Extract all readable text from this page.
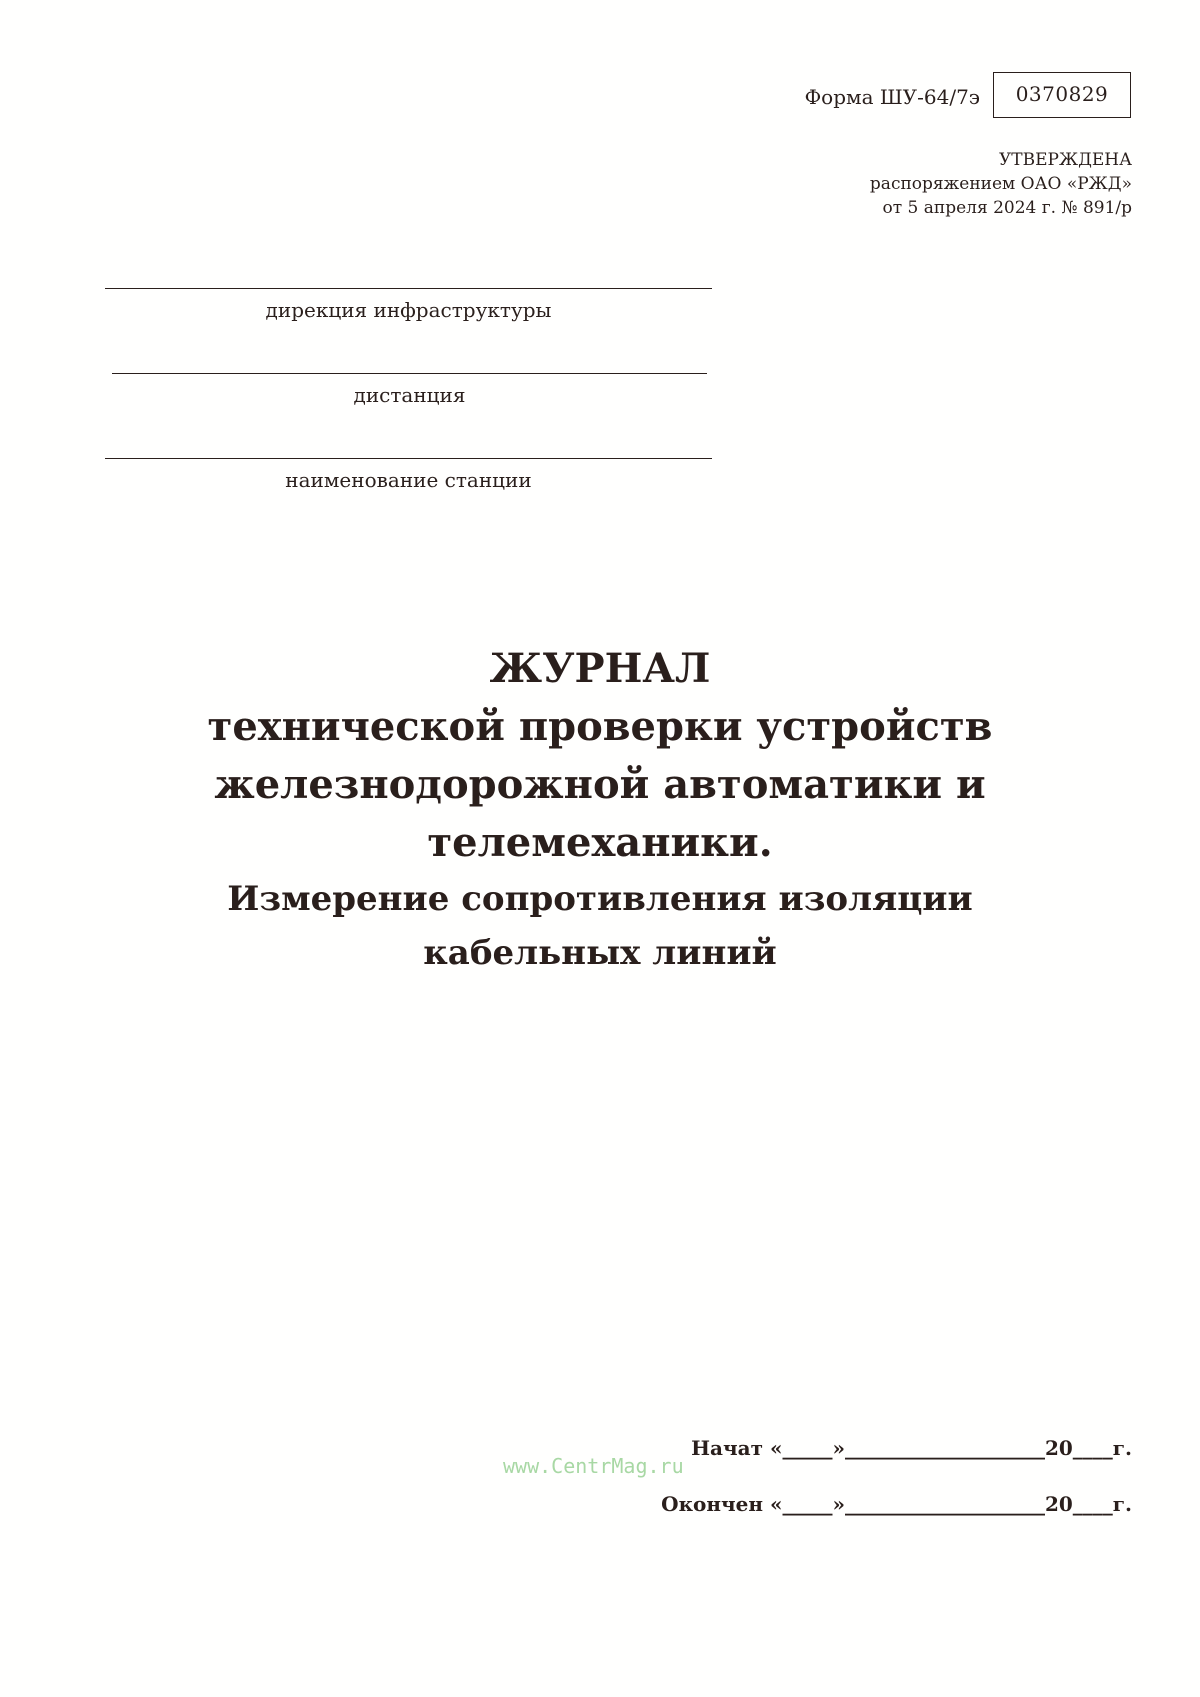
Форма ШУ-64/7э	0370829
УТВЕРЖДЕНА
распоряжением ОАО «РЖД»
от 5 апреля 2024 г. № 891/р
дирекция инфраструктуры
дистанция
наименование станции
ЖУРНАЛ
технической проверки устройств
железнодорожной автоматики и
телемеханики.
Измерение сопротивления изоляции
кабельных линий
www.CentrMag.ru
Начат «_____»____________________20____г.
Окончен «_____»____________________20____г.
